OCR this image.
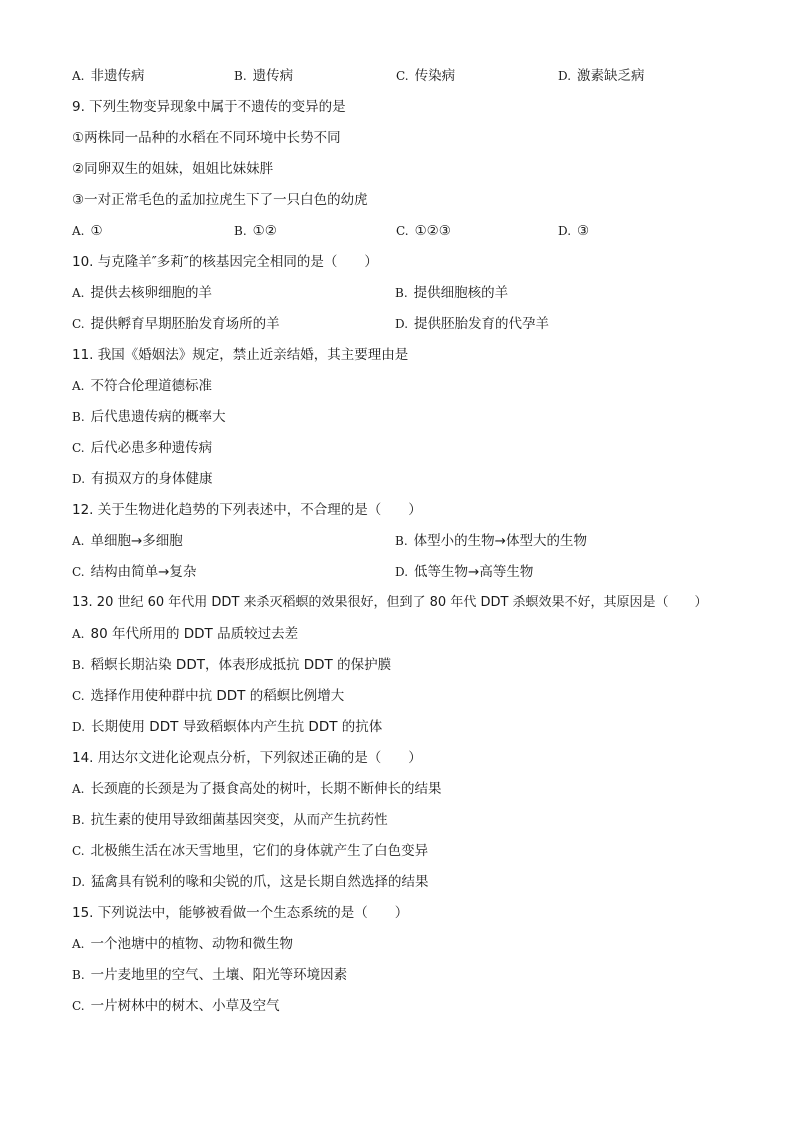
A. 非遗传病	B. 遗传病	C. 传染病	D. 激素缺乏病
9. 下列生物变异现象中属于不遗传的变异的是
①两株同一品种的水稻在不同环境中长势不同
②同卵双生的姐妹，姐姐比妹妹胖
③一对正常毛色的孟加拉虎生下了一只白色的幼虎
A. ①	B. ①②	C. ①②③	D. ③
10. 与克隆羊″多莉″的核基因完全相同的是（　　）
A. 提供去核卵细胞的羊	B. 提供细胞核的羊
C. 提供孵育早期胚胎发育场所的羊	D. 提供胚胎发育的代孕羊
11. 我国《婚姻法》规定，禁止近亲结婚，其主要理由是
A. 不符合伦理道德标准
B. 后代患遗传病的概率大
C. 后代必患多种遗传病
D. 有损双方的身体健康
12. 关于生物进化趋势的下列表述中，不合理的是（　　）
A. 单细胞→多细胞	B. 体型小的生物→体型大的生物
C. 结构由简单→复杂	D. 低等生物→高等生物
13. 20 世纪 60 年代用 DDT 来杀灭稻螟的效果很好，但到了 80 年代 DDT 杀螟效果不好，其原因是（　　）
A. 80 年代所用的 DDT 品质较过去差
B. 稻螟长期沾染 DDT，体表形成抵抗 DDT 的保护膜
C. 选择作用使种群中抗 DDT 的稻螟比例增大
D. 长期使用 DDT 导致稻螟体内产生抗 DDT 的抗体
14. 用达尔文进化论观点分析，下列叙述正确的是（　　）
A. 长颈鹿的长颈是为了摄食高处的树叶，长期不断伸长的结果
B. 抗生素的使用导致细菌基因突变，从而产生抗药性
C. 北极熊生活在冰天雪地里，它们的身体就产生了白色变异
D. 猛禽具有锐利的喙和尖锐的爪，这是长期自然选择的结果
15. 下列说法中，能够被看做一个生态系统的是（　　）
A. 一个池塘中的植物、动物和微生物
B. 一片麦地里的空气、土壤、阳光等环境因素
C. 一片树林中的树木、小草及空气
